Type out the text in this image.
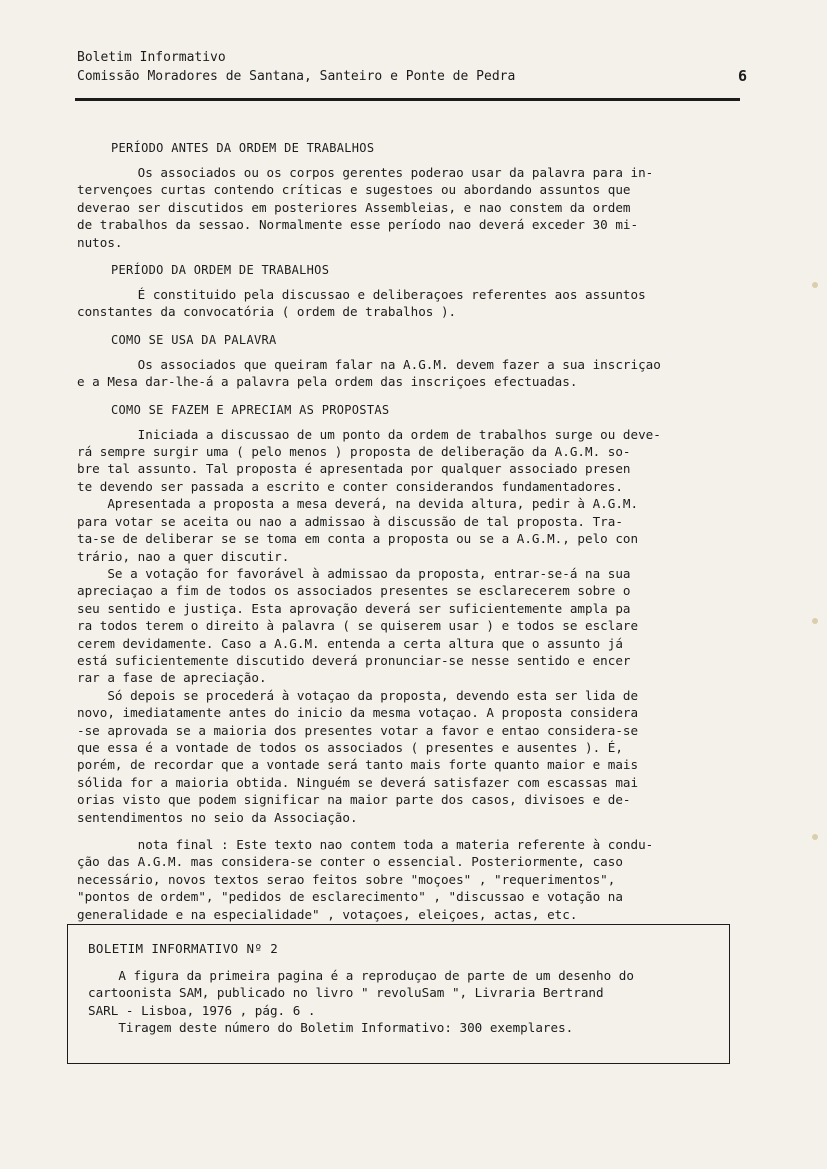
Boletim Informativo
Comissão Moradores de Santana, Santeiro e Ponte de Pedra	6

PERÍODO ANTES DA ORDEM DE TRABALHOS

Os associados ou os corpos gerentes poderao usar da palavra para in-

tervençoes curtas contendo críticas e sugestoes ou abordando assuntos que

deverao ser discutidos em posteriores Assembleias, e nao constem da ordem

de trabalhos da sessao. Normalmente esse período nao deverá exceder 30 mi-

nutos.

PERÍODO DA ORDEM DE TRABALHOS

É constituido pela discussao e deliberaçoes referentes aos assuntos

constantes da convocatória ( ordem de trabalhos ).

COMO SE USA DA PALAVRA

Os associados que queiram falar na A.G.M. devem fazer a sua inscriçao

e a Mesa dar-lhe-á a palavra pela ordem das inscriçoes efectuadas.

COMO SE FAZEM E APRECIAM AS PROPOSTAS

Iniciada a discussao de um ponto da ordem de trabalhos surge ou deve-

rá sempre surgir uma ( pelo menos ) proposta de deliberação da A.G.M. so-

bre tal assunto. Tal proposta é apresentada por qualquer associado presen

te devendo ser passada a escrito e conter considerandos fundamentadores.

Apresentada a proposta a mesa deverá, na devida altura, pedir à A.G.M.

para votar se aceita ou nao a admissao à discussão de tal proposta. Tra-

ta-se de deliberar se se toma em conta a proposta ou se a A.G.M., pelo con

trário, nao a quer discutir.

Se a votação for favorável à admissao da proposta, entrar-se-á na sua

apreciaçao a fim de todos os associados presentes se esclarecerem sobre o

seu sentido e justiça. Esta aprovação deverá ser suficientemente ampla pa

ra todos terem o direito à palavra ( se quiserem usar ) e todos se esclare

cerem devidamente. Caso a A.G.M. entenda a certa altura que o assunto já

está suficientemente discutido deverá pronunciar-se nesse sentido e encer

rar a fase de apreciação.

Só depois se procederá à votaçao da proposta, devendo esta ser lida de

novo, imediatamente antes do inicio da mesma votaçao. A proposta considera

-se aprovada se a maioria dos presentes votar a favor e entao considera-se

que essa é a vontade de todos os associados ( presentes e ausentes ). É,

porém, de recordar que a vontade será tanto mais forte quanto maior e mais

sólida for a maioria obtida. Ninguém se deverá satisfazer com escassas mai

orias visto que podem significar na maior parte dos casos, divisoes e de-

sentendimentos no seio da Associação.

nota final : Este texto nao contem toda a materia referente à condu-

ção das A.G.M. mas considera-se conter o essencial. Posteriormente, caso

necessário, novos textos serao feitos sobre "moçoes" , "requerimentos",

"pontos de ordem", "pedidos de esclarecimento" , "discussao e votação na

generalidade e na especialidade" , votaçoes, eleiçoes, actas, etc.

BOLETIM INFORMATIVO Nº 2

A figura da primeira pagina é a reproduçao de parte de um desenho do

cartoonista SAM, publicado no livro " revoluSam ", Livraria Bertrand

SARL - Lisboa, 1976 , pág. 6 .

Tiragem deste número do Boletim Informativo: 300 exemplares.
